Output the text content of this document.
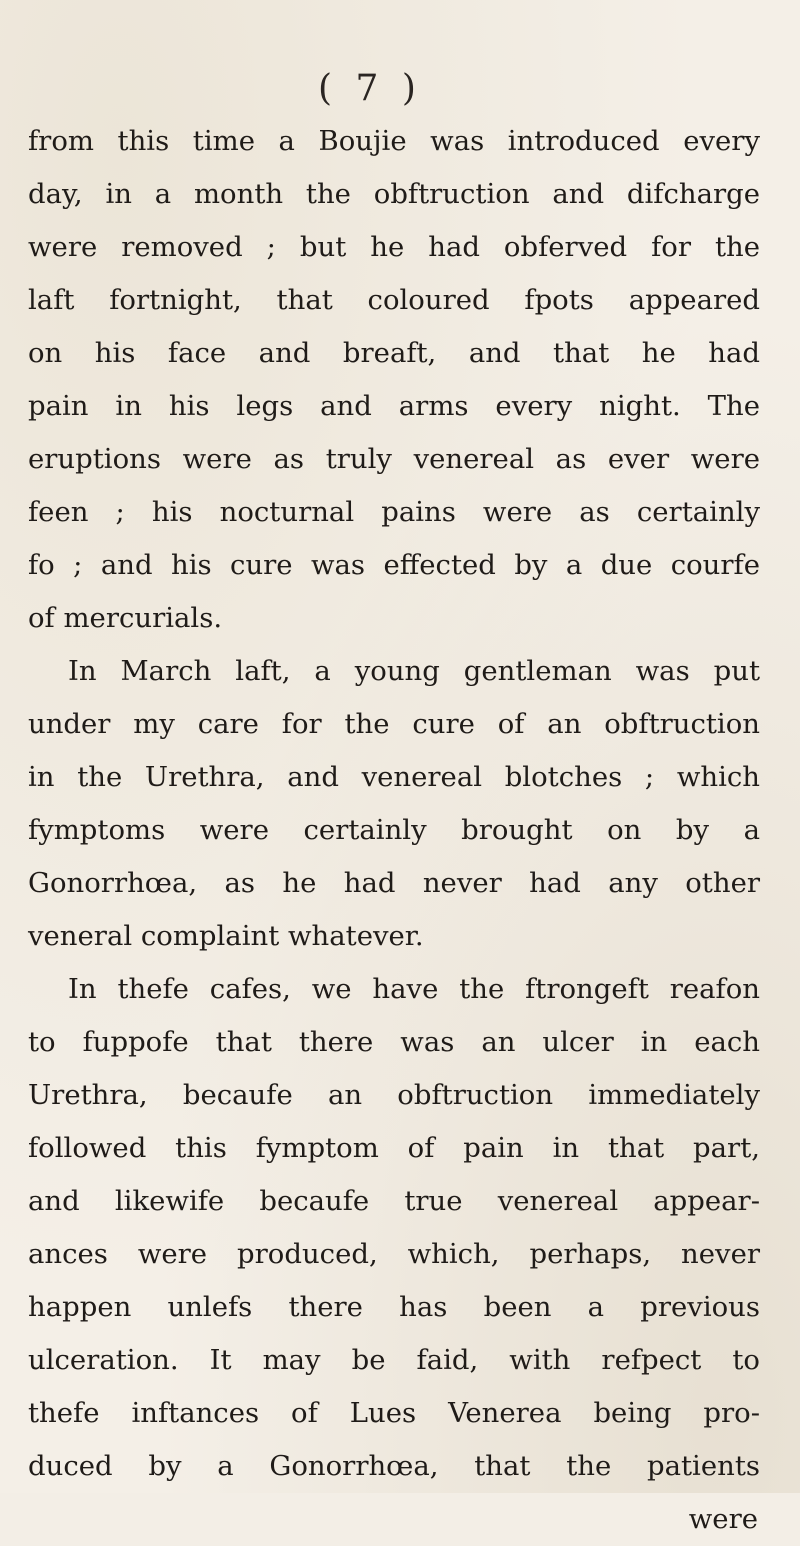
( 7 )
from this time a Boujie was introduced every
day, in a month the obftruction and difcharge
were removed ; but he had obferved for the
laft fortnight, that coloured fpots appeared
on his face and breaft, and that he had
pain in his legs and arms every night. The
eruptions were as truly venereal as ever were
feen ; his nocturnal pains were as certainly
fo ; and his cure was effected by a due courfe
of mercurials.
In March laft, a young gentleman was put
under my care for the cure of an obftruction
in the Urethra, and venereal blotches ; which
fymptoms were certainly brought on by a
Gonorrhœa, as he had never had any other
veneral complaint whatever.
In thefe cafes, we have the ftrongeft reafon
to fuppofe that there was an ulcer in each
Urethra, becaufe an obftruction immediately
followed this fymptom of pain in that part,
and likewife becaufe true venereal appear-
ances were produced, which, perhaps, never
happen unlefs there has been a previous
ulceration. It may be faid, with refpect to
thefe inftances of Lues Venerea being pro-
duced by a Gonorrhœa, that the patients
were
